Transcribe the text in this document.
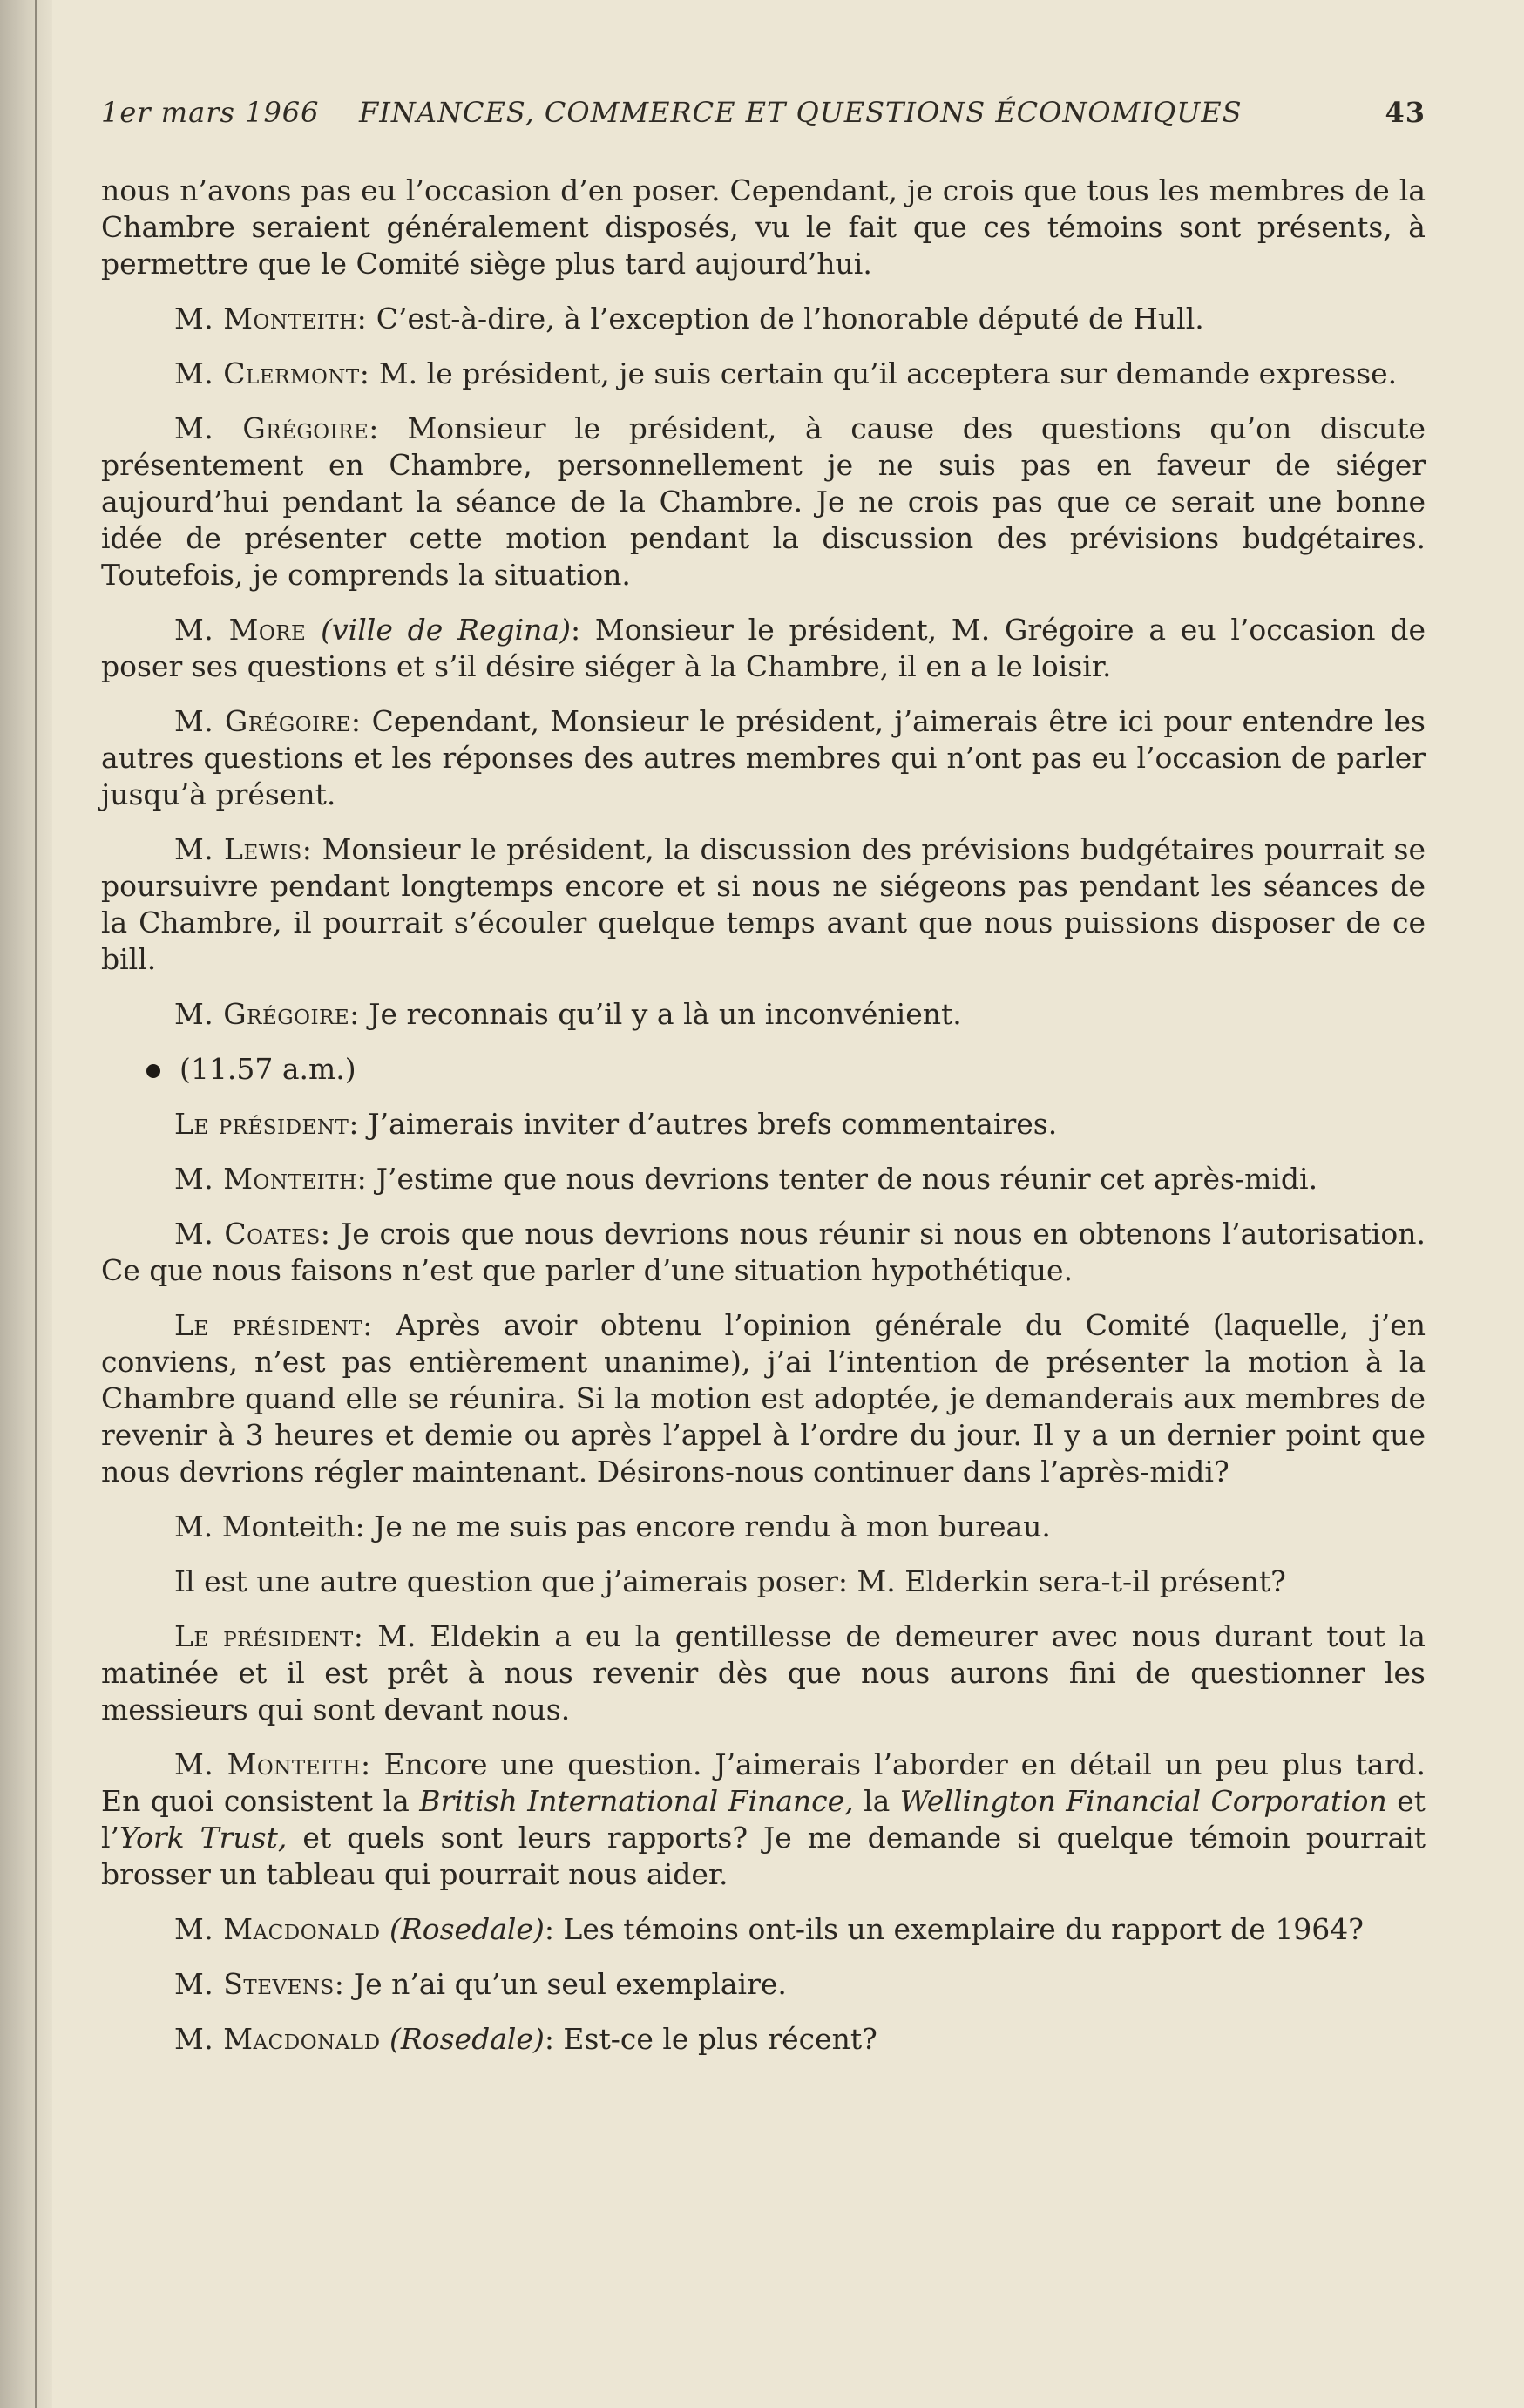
1er mars 1966 FINANCES, COMMERCE ET QUESTIONS ÉCONOMIQUES	43

nous n’avons pas eu l’occasion d’en poser. Cependant, je crois que tous les membres de la Chambre seraient généralement disposés, vu le fait que ces témoins sont présents, à permettre que le Comité siège plus tard aujourd’hui.

M. Monteith: C’est-à-dire, à l’exception de l’honorable député de Hull.

M. Clermont: M. le président, je suis certain qu’il acceptera sur demande expresse.

M. Grégoire: Monsieur le président, à cause des questions qu’on discute présentement en Chambre, personnellement je ne suis pas en faveur de siéger aujourd’hui pendant la séance de la Chambre. Je ne crois pas que ce serait une bonne idée de présenter cette motion pendant la discussion des prévisions budgétaires. Toutefois, je comprends la situation.

M. More (ville de Regina): Monsieur le président, M. Grégoire a eu l’occasion de poser ses questions et s’il désire siéger à la Chambre, il en a le loisir.

M. Grégoire: Cependant, Monsieur le président, j’aimerais être ici pour entendre les autres questions et les réponses des autres membres qui n’ont pas eu l’occasion de parler jusqu’à présent.

M. Lewis: Monsieur le président, la discussion des prévisions budgétaires pourrait se poursuivre pendant longtemps encore et si nous ne siégeons pas pendant les séances de la Chambre, il pourrait s’écouler quelque temps avant que nous puissions disposer de ce bill.

M. Grégoire: Je reconnais qu’il y a là un inconvénient.

(11.57 a.m.)

Le président: J’aimerais inviter d’autres brefs commentaires.

M. Monteith: J’estime que nous devrions tenter de nous réunir cet après-midi.

M. Coates: Je crois que nous devrions nous réunir si nous en obtenons l’autorisation. Ce que nous faisons n’est que parler d’une situation hypothétique.

Le président: Après avoir obtenu l’opinion générale du Comité (laquelle, j’en conviens, n’est pas entièrement unanime), j’ai l’intention de présenter la motion à la Chambre quand elle se réunira. Si la motion est adoptée, je demanderais aux membres de revenir à 3 heures et demie ou après l’appel à l’ordre du jour. Il y a un dernier point que nous devrions régler maintenant. Désirons-nous continuer dans l’après-midi?

M. Monteith: Je ne me suis pas encore rendu à mon bureau.

Il est une autre question que j’aimerais poser: M. Elderkin sera-t-il présent?

Le président: M. Eldekin a eu la gentillesse de demeurer avec nous durant tout la matinée et il est prêt à nous revenir dès que nous aurons fini de questionner les messieurs qui sont devant nous.

M. Monteith: Encore une question. J’aimerais l’aborder en détail un peu plus tard. En quoi consistent la British International Finance, la Wellington Financial Corporation et l’York Trust, et quels sont leurs rapports? Je me demande si quelque témoin pourrait brosser un tableau qui pourrait nous aider.

M. Macdonald (Rosedale): Les témoins ont-ils un exemplaire du rapport de 1964?

M. Stevens: Je n’ai qu’un seul exemplaire.

M. Macdonald (Rosedale): Est-ce le plus récent?
